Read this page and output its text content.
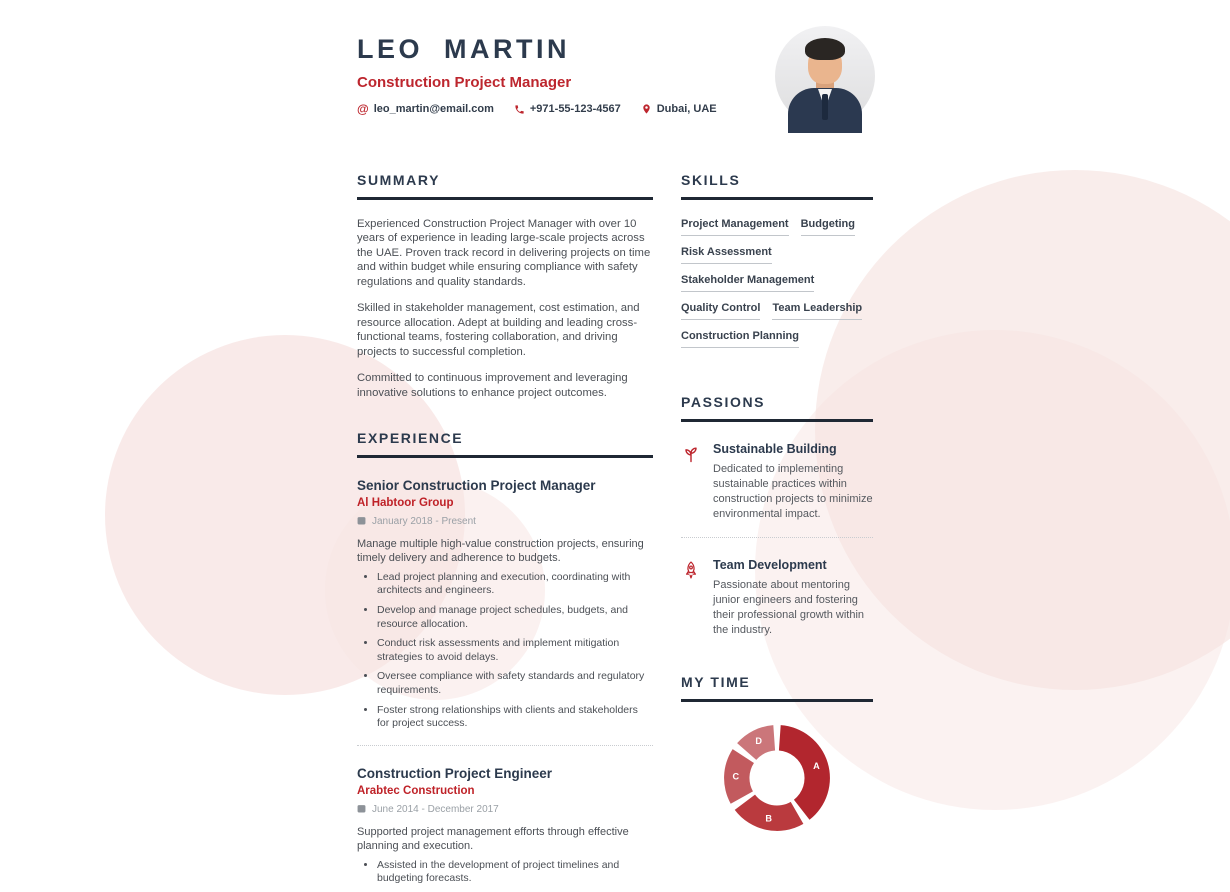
LEO MARTIN
Construction Project Manager
@ leo_martin@email.com	+971-55-123-4567	Dubai, UAE
SUMMARY

Experienced Construction Project Manager with over 10 years of experience in leading large-scale projects across the UAE. Proven track record in delivering projects on time and within budget while ensuring compliance with safety regulations and quality standards.

Skilled in stakeholder management, cost estimation, and resource allocation. Adept at building and leading cross-functional teams, fostering collaboration, and driving projects to successful completion.

Committed to continuous improvement and leveraging innovative solutions to enhance project outcomes.

EXPERIENCE
Senior Construction Project Manager
Al Habtoor Group
January 2018 - Present
Manage multiple high-value construction projects, ensuring timely delivery and adherence to budgets.
• Lead project planning and execution, coordinating with architects and engineers.
• Develop and manage project schedules, budgets, and resource allocation.
• Conduct risk assessments and implement mitigation strategies to avoid delays.
• Oversee compliance with safety standards and regulatory requirements.
• Foster strong relationships with clients and stakeholders for project success.
Construction Project Engineer
Arabtec Construction
June 2014 - December 2017
Supported project management efforts through effective planning and execution.
• Assisted in the development of project timelines and budgeting forecasts.
SKILLS
Project Management Budgeting
Risk Assessment
Stakeholder Management
Quality Control Team Leadership
Construction Planning
PASSIONS
Sustainable Building
Dedicated to implementing sustainable practices within construction projects to minimize environmental impact.
Team Development
Passionate about mentoring junior engineers and fostering their professional growth within the industry.
MY TIME
A
B
C
D
